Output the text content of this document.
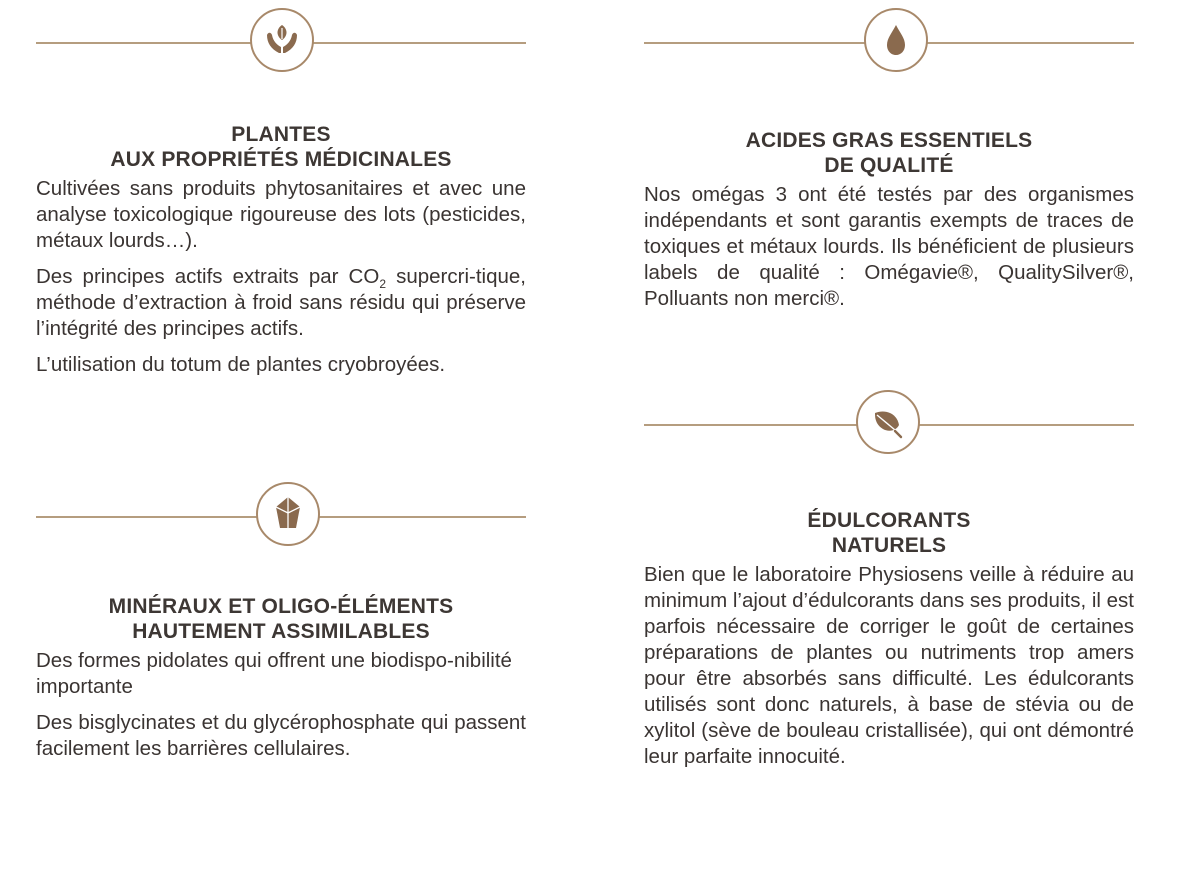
PLANTES
AUX PROPRIÉTÉS MÉDICINALES

Cultivées sans produits phytosanitaires et avec une analyse toxicologique rigoureuse des lots (pesticides, métaux lourds…).

Des principes actifs extraits par $CO_2$ supercri-tique, méthode d’extraction à froid sans résidu qui préserve l’intégrité des principes actifs.

L’utilisation du totum de plantes cryobroyées.

MINÉRAUX ET OLIGO-ÉLÉMENTS
HAUTEMENT ASSIMILABLES

Des formes pidolates qui offrent une biodispo-nibilité importante

Des bisglycinates et du glycérophosphate qui passent facilement les barrières cellulaires.

ACIDES GRAS ESSENTIELS
DE QUALITÉ

Nos omégas 3 ont été testés par des organismes indépendants et sont garantis exempts de traces de toxiques et métaux lourds. Ils bénéficient de plusieurs labels de qualité : Omégavie®, QualitySilver®, Polluants non merci®.

ÉDULCORANTS
NATURELS

Bien que le laboratoire Physiosens veille à réduire au minimum l’ajout d’édulcorants dans ses produits, il est parfois nécessaire de corriger le goût de certaines préparations de plantes ou nutriments trop amers pour être absorbés sans difficulté. Les édulcorants utilisés sont donc naturels, à base de stévia ou de xylitol (sève de bouleau cristallisée), qui ont démontré leur parfaite innocuité.
